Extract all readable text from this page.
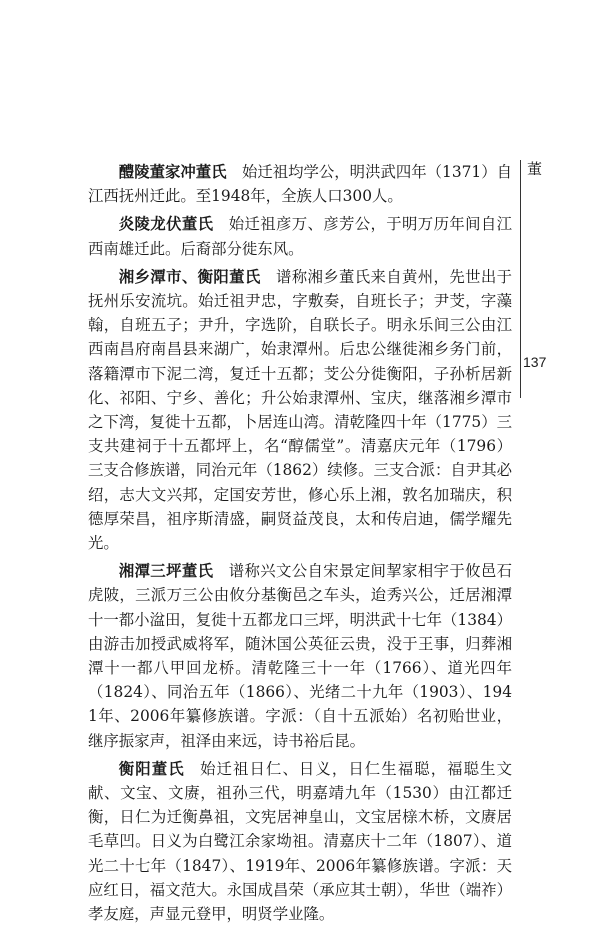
醴陵董家冲董氏 始迁祖均学公，明洪武四年（1371）自江西抚州迁此。至1948年，全族人口300人。

炎陵龙伏董氏 始迁祖彦万、彦芳公，于明万历年间自江西南雄迁此。后裔部分徙东风。

湘乡潭市、衡阳董氏 谱称湘乡董氏来自黄州，先世出于抚州乐安流坑。始迁祖尹忠，字敷奏，自班长子；尹芠，字藻翰，自班五子；尹升，字选阶，自联长子。明永乐间三公由江西南昌府南昌县来湖广，始隶潭州。后忠公继徙湘乡务门前，落籍潭市下泥二湾，复迁十五都；芠公分徙衡阳，子孙析居新化、祁阳、宁乡、善化；升公始隶潭州、宝庆，继落湘乡潭市之下湾，复徙十五都，卜居连山湾。清乾隆四十年（1775）三支共建祠于十五都坪上，名“醇儒堂”。清嘉庆元年（1796）三支合修族谱，同治元年（1862）续修。三支合派：自尹其必绍，志大文兴邦，定国安芳世，修心乐上湘，敦名加瑞庆，积德厚荣昌，祖序斯清盛，嗣贤益茂良，太和传启迪，儒学耀先光。

湘潭三坪董氏 谱称兴文公自宋景定间挈家相宇于攸邑石虎陂，三派万三公由攸分基衡邑之车头，迨秀兴公，迁居湘潭十一都小湓田，复徙十五都龙口三坪，明洪武十七年（1384）由游击加授武威将军，随沐国公英征云贵，没于王事，归葬湘潭十一都八甲回龙桥。清乾隆三十一年（1766）、道光四年（1824）、同治五年（1866）、光绪二十九年（1903）、1941年、2006年纂修族谱。字派：（自十五派始）名初贻世业，继序振家声，祖泽由来远，诗书裕后昆。

衡阳董氏 始迁祖日仁、日义，日仁生福聪，福聪生文献、文宝、文赓，祖孙三代，明嘉靖九年（1530）由江都迁衡，日仁为迁衡鼻祖，文宪居神皇山，文宝居榇木桥，文赓居毛草凹。日义为白鹭江余家坳祖。清嘉庆十二年（1807）、道光二十七年（1847）、1919年、2006年纂修族谱。字派：天应红日，福文范大。永国成昌荣（承应其士朝），华世（端祚）孝友庭，声显元登甲，明贤学业隆。

董
137
